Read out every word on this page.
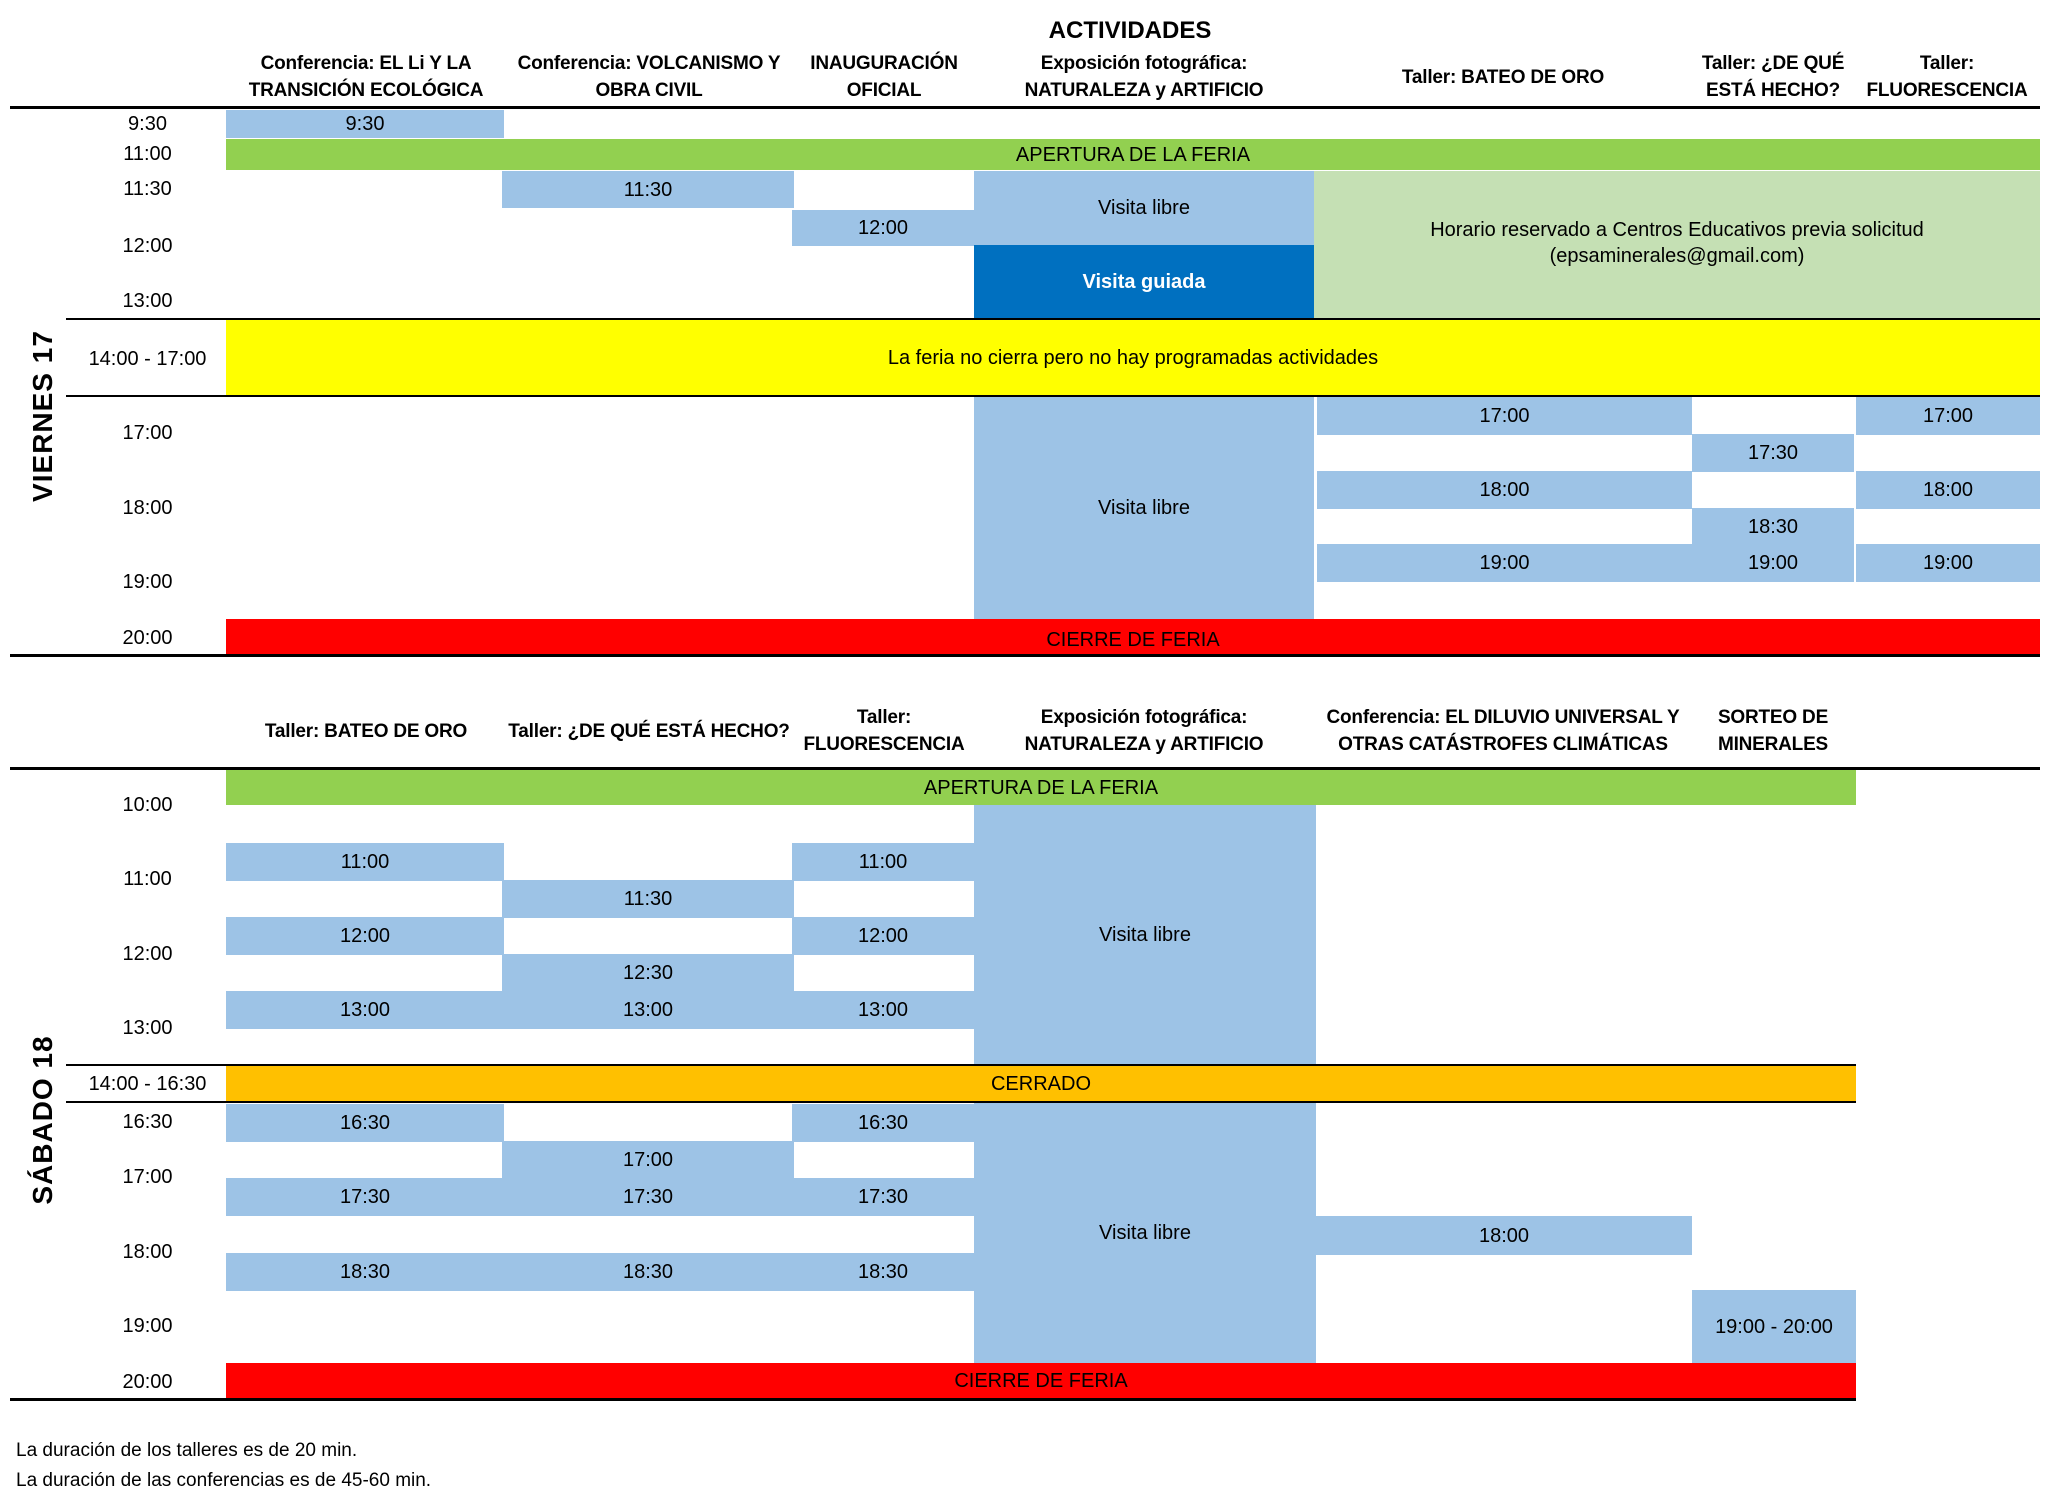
ACTIVIDADES
Conferencia: EL Li Y LA
TRANSICIÓN ECOLÓGICA
Conferencia: VOLCANISMO Y
OBRA CIVIL
INAUGURACIÓN
OFICIAL
Exposición fotográfica:
NATURALEZA y ARTIFICIO
Taller: BATEO DE ORO
Taller: ¿DE QUÉ
ESTÁ HECHO?
Taller:
FLUORESCENCIA
9:30
11:00
11:30
12:00
13:00
14:00 - 17:00
17:00
18:00
19:00
20:00
9:30
APERTURA DE LA FERIA
11:30
12:00
Visita libre
Visita guiada
Horario reservado a Centros Educativos previa solicitud
(epsaminerales@gmail.com)
La feria no cierra pero no hay programadas actividades
Visita libre
17:00
18:00
19:00
17:30
18:30
19:00
17:00
18:00
19:00
CIERRE DE FERIA
VIERNES 17
Taller: BATEO DE ORO	Taller: ¿DE QUÉ ESTÁ HECHO?
Taller:
FLUORESCENCIA
Exposición fotográfica:
NATURALEZA y ARTIFICIO
Conferencia: EL DILUVIO UNIVERSAL Y
OTRAS CATÁSTROFES CLIMÁTICAS
SORTEO DE
MINERALES
10:00
11:00
12:00
13:00
14:00 - 16:30
16:30
17:00
18:00
19:00
20:00
APERTURA DE LA FERIA
11:00
12:00
13:00
16:30
17:30
18:30
11:30
12:30
13:00
17:00
17:30
18:30
11:00
12:00
13:00
16:30
17:30
18:30
Visita libre
CERRADO
Visita libre	18:00
19:00 - 20:00
CIERRE DE FERIA
SÁBADO 18
La duración de los talleres es de 20 min.
La duración de las conferencias es de 45-60 min.
